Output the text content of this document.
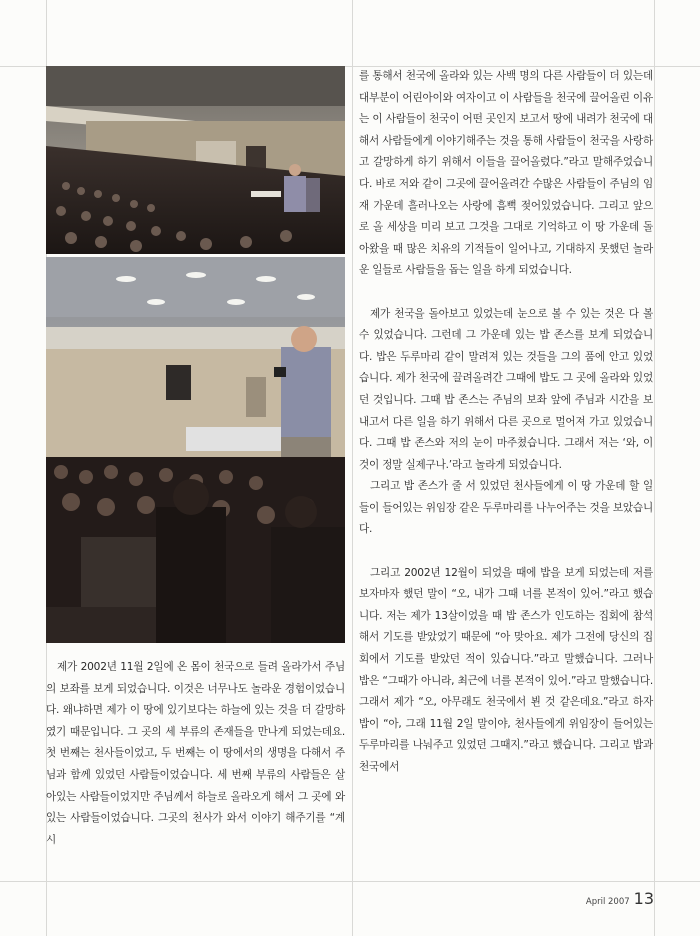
제가 2002년 11월 2일에 온 몸이 천국으로 들려 올라가서 주님의 보좌를 보게 되었습니다. 이것은 너무나도 놀라운 경험이었습니다. 왜냐하면 제가 이 땅에 있기보다는 하늘에 있는 것을 더 갈망하였기 때문입니다. 그 곳의 세 부류의 존재들을 만나게 되었는데요. 첫 번째는 천사들이었고, 두 번째는 이 땅에서의 생명을 다해서 주님과 함께 있었던 사람들이었습니다. 세 번째 부류의 사람들은 살아있는 사람들이었지만 주님께서 하늘로 올라오게 해서 그 곳에 와있는 사람들이었습니다. 그곳의 천사가 와서 이야기 해주기를 “계시

를 통해서 천국에 올라와 있는 사백 명의 다른 사람들이 더 있는데 대부분이 어린아이와 여자이고 이 사람들을 천국에 끌어올린 이유는 이 사람들이 천국이 어떤 곳인지 보고서 땅에 내려가 천국에 대해서 사람들에게 이야기해주는 것을 통해 사람들이 천국을 사랑하고 갈망하게 하기 위해서 이들을 끌어올렸다.”라고 말해주었습니다. 바로 저와 같이 그곳에 끌어올려간 수많은 사람들이 주님의 임재 가운데 흘러나오는 사랑에 흠뻑 젖어있었습니다. 그리고 앞으로 올 세상을 미리 보고 그것을 그대로 기억하고 이 땅 가운데 돌아왔을 때 많은 치유의 기적들이 일어나고, 기대하지 못했던 놀라운 일들로 사람들을 돕는 일을 하게 되었습니다.

제가 천국을 돌아보고 있었는데 눈으로 볼 수 있는 것은 다 볼 수 있었습니다. 그런데 그 가운데 있는 밥 존스를 보게 되었습니다. 밥은 두루마리 같이 말려져 있는 것들을 그의 품에 안고 있었습니다. 제가 천국에 끌려올려간 그때에 밥도 그 곳에 올라와 있었던 것입니다. 그때 밥 존스는 주님의 보좌 앞에 주님과 시간을 보내고서 다른 일을 하기 위해서 다른 곳으로 멀어져 가고 있었습니다. 그때 밥 존스와 저의 눈이 마주쳤습니다. 그래서 저는 ‘와, 이것이 정말 실제구나.’라고 놀라게 되었습니다.

그리고 밥 존스가 줄 서 있었던 천사들에게 이 땅 가운데 할 일들이 들어있는 위임장 같은 두루마리를 나누어주는 것을 보았습니다.

그리고 2002년 12월이 되었을 때에 밥을 보게 되었는데 저를 보자마자 했던 말이 “오, 내가 그때 너를 본적이 있어.”라고 했습니다. 저는 제가 13살이었을 때 밥 존스가 인도하는 집회에 참석해서 기도를 받았었기 때문에 “아 맞아요. 제가 그전에 당신의 집회에서 기도를 받았던 적이 있습니다.”라고 말했습니다. 그러나 밥은 “그때가 아니라, 최근에 너를 본적이 있어.”라고 말했습니다. 그래서 제가 “오, 아무래도 천국에서 뵌 것 같은데요.”라고 하자 밥이 “아, 그래 11월 2일 말이야, 천사들에게 위임장이 들어있는 두루마리를 나눠주고 있었던 그때지.”라고 했습니다. 그리고 밥과 천국에서

April 2007 13
